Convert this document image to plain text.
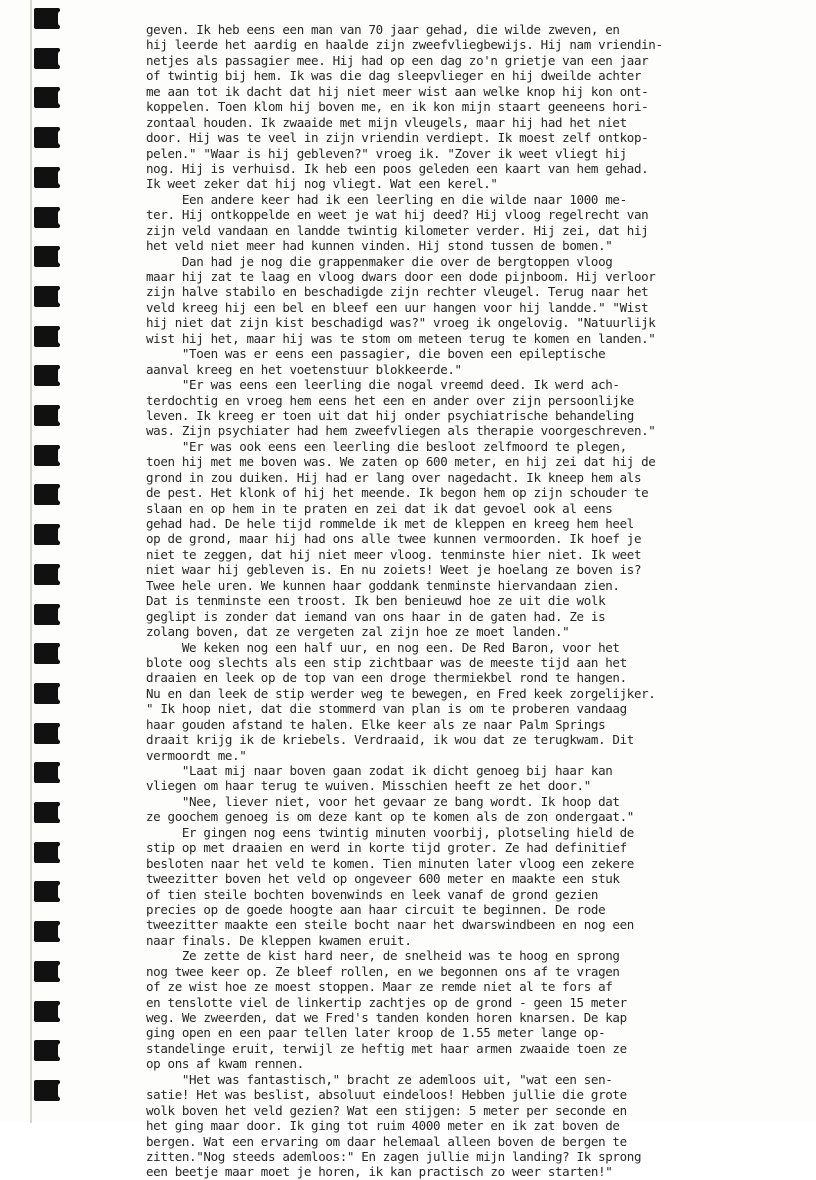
geven. Ik heb eens een man van 70 jaar gehad, die wilde zweven, en
hij leerde het aardig en haalde zijn zweefvliegbewijs. Hij nam vriendin-
netjes als passagier mee. Hij had op een dag zo'n grietje van een jaar
of twintig bij hem. Ik was die dag sleepvlieger en hij dweilde achter
me aan tot ik dacht dat hij niet meer wist aan welke knop hij kon ont-
koppelen. Toen klom hij boven me, en ik kon mijn staart geeneens hori-
zontaal houden. Ik zwaaide met mijn vleugels, maar hij had het niet
door. Hij was te veel in zijn vriendin verdiept. Ik moest zelf ontkop-
pelen." "Waar is hij gebleven?" vroeg ik. "Zover ik weet vliegt hij
nog. Hij is verhuisd. Ik heb een poos geleden een kaart van hem gehad.
Ik weet zeker dat hij nog vliegt. Wat een kerel."
Een andere keer had ik een leerling en die wilde naar 1000 me-
ter. Hij ontkoppelde en weet je wat hij deed? Hij vloog regelrecht van
zijn veld vandaan en landde twintig kilometer verder. Hij zei, dat hij
het veld niet meer had kunnen vinden. Hij stond tussen de bomen."
Dan had je nog die grappenmaker die over de bergtoppen vloog
maar hij zat te laag en vloog dwars door een dode pijnboom. Hij verloor
zijn halve stabilo en beschadigde zijn rechter vleugel. Terug naar het
veld kreeg hij een bel en bleef een uur hangen voor hij landde." "Wist
hij niet dat zijn kist beschadigd was?" vroeg ik ongelovig. "Natuurlijk
wist hij het, maar hij was te stom om meteen terug te komen en landen."
"Toen was er eens een passagier, die boven een epileptische
aanval kreeg en het voetenstuur blokkeerde."
"Er was eens een leerling die nogal vreemd deed. Ik werd ach-
terdochtig en vroeg hem eens het een en ander over zijn persoonlijke
leven. Ik kreeg er toen uit dat hij onder psychiatrische behandeling
was. Zijn psychiater had hem zweefvliegen als therapie voorgeschreven."
"Er was ook eens een leerling die besloot zelfmoord te plegen,
toen hij met me boven was. We zaten op 600 meter, en hij zei dat hij de
grond in zou duiken. Hij had er lang over nagedacht. Ik kneep hem als
de pest. Het klonk of hij het meende. Ik begon hem op zijn schouder te
slaan en op hem in te praten en zei dat ik dat gevoel ook al eens
gehad had. De hele tijd rommelde ik met de kleppen en kreeg hem heel
op de grond, maar hij had ons alle twee kunnen vermoorden. Ik hoef je
niet te zeggen, dat hij niet meer vloog. tenminste hier niet. Ik weet
niet waar hij gebleven is. En nu zoiets! Weet je hoelang ze boven is?
Twee hele uren. We kunnen haar goddank tenminste hiervandaan zien.
Dat is tenminste een troost. Ik ben benieuwd hoe ze uit die wolk
geglipt is zonder dat iemand van ons haar in de gaten had. Ze is
zolang boven, dat ze vergeten zal zijn hoe ze moet landen."
We keken nog een half uur, en nog een. De Red Baron, voor het
blote oog slechts als een stip zichtbaar was de meeste tijd aan het
draaien en leek op de top van een droge thermiekbel rond te hangen.
Nu en dan leek de stip werder weg te bewegen, en Fred keek zorgelijker.
" Ik hoop niet, dat die stommerd van plan is om te proberen vandaag
haar gouden afstand te halen. Elke keer als ze naar Palm Springs
draait krijg ik de kriebels. Verdraaid, ik wou dat ze terugkwam. Dit
vermoordt me."
"Laat mij naar boven gaan zodat ik dicht genoeg bij haar kan
vliegen om haar terug te wuiven. Misschien heeft ze het door."
"Nee, liever niet, voor het gevaar ze bang wordt. Ik hoop dat
ze goochem genoeg is om deze kant op te komen als de zon ondergaat."
Er gingen nog eens twintig minuten voorbij, plotseling hield de
stip op met draaien en werd in korte tijd groter. Ze had definitief
besloten naar het veld te komen. Tien minuten later vloog een zekere
tweezitter boven het veld op ongeveer 600 meter en maakte een stuk
of tien steile bochten bovenwinds en leek vanaf de grond gezien
precies op de goede hoogte aan haar circuit te beginnen. De rode
tweezitter maakte een steile bocht naar het dwarswindbeen en nog een
naar finals. De kleppen kwamen eruit.
Ze zette de kist hard neer, de snelheid was te hoog en sprong
nog twee keer op. Ze bleef rollen, en we begonnen ons af te vragen
of ze wist hoe ze moest stoppen. Maar ze remde niet al te fors af
en tenslotte viel de linkertip zachtjes op de grond - geen 15 meter
weg. We zweerden, dat we Fred's tanden konden horen knarsen. De kap
ging open en een paar tellen later kroop de 1.55 meter lange op-
standelinge eruit, terwijl ze heftig met haar armen zwaaide toen ze
op ons af kwam rennen.
"Het was fantastisch," bracht ze ademloos uit, "wat een sen-
satie! Het was beslist, absoluut eindeloos! Hebben jullie die grote
wolk boven het veld gezien? Wat een stijgen: 5 meter per seconde en
het ging maar door. Ik ging tot ruim 4000 meter en ik zat boven de
bergen. Wat een ervaring om daar helemaal alleen boven de bergen te
zitten."Nog steeds ademloos:" En zagen jullie mijn landing? Ik sprong
een beetje maar moet je horen, ik kan practisch zo weer starten!"
